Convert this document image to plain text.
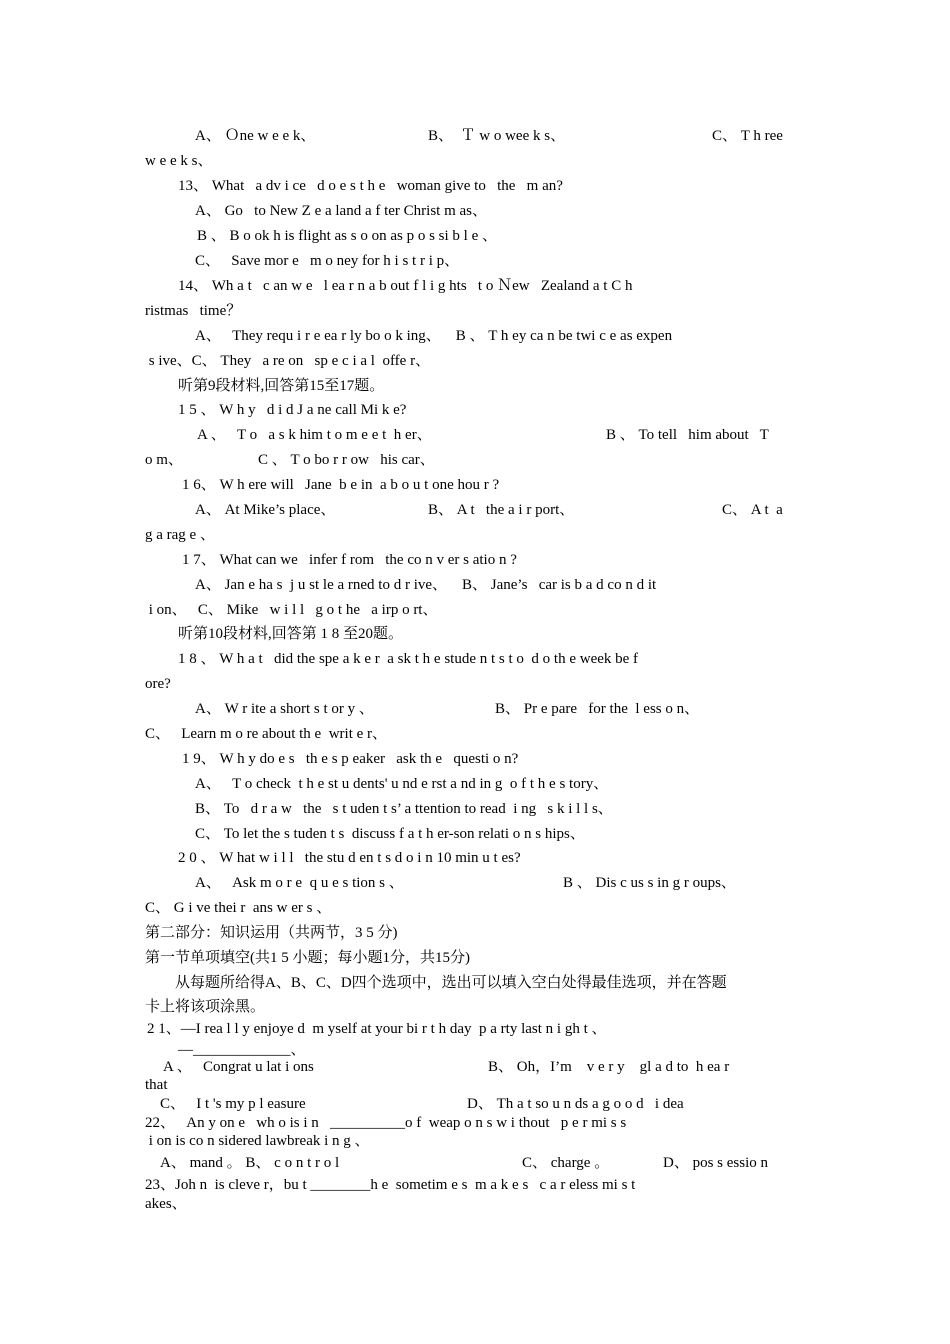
A、 Ｏne w e e k、	B、  Ｔ w o wee k s、	C、 T h ree
w e e k s、
13、 What   a dv i ce   d o e s t h e   woman give to   the   m an?
A、 Go   to New Z e a land a f ter Christ m as、
B 、 B o ok h is flight as s o on as p o s si b l e 、
C、   Save mor e   m o ney for h i s t r i p、
14、 Wh a t   c an w e   l ea r n a b out f l i g hts   t o Ｎew   Zealand a t C h
ristmas   time？
A、   They requ i r e ea r ly bo o k ing、    B 、 T h ey ca n be twi c e as expen
s ive、C、 They   a re on   sp e c i a l  offe r、
听第9段材料,回答第15至17题。
1 5 、 W h y   d i d J a ne call Mi k e?
A 、   T o   a s k him t o m e e t  h er、	B 、 To tell   him about   T
o m、	C 、 T o bo r r ow   his car、
1 6、 W h ere will   Jane  b e in  a b o u t one hou r ?
A、 At Mike’s place、	B、 A t   the a i r port、	C、 A t  a
g a rag e 、
1 7、 What can we   infer f rom   the co n v er s atio n ?
A、 Jan e ha s  j u st le a rned to d r ive、    B、 Jane’s   car is b a d co n d it
i on、   C、 Mike   w i l l   g o t he   a irp o rt、
听第10段材料,回答第 1 8 至20题。
1 8 、 W h a t   did the spe a k e r  a sk t h e stude n t s t o  d o th e week be f
ore?
A、 W r ite a short s t or y 、	B、 Pr e pare   for the  l ess o n、
C、   Learn m o re about th e  writ e r、
1 9、 W h y do e s   th e s p eaker   ask th e   questi o n?
A、   T o check  t h e st u dents' u nd e rst a nd in g  o f t h e s tory、
B、 To   d r a w   the   s t uden t s’ a ttention to read  i ng   s k i l l s、
C、 To let the s tuden t s  discuss f a t h er-son relati o n s hips、
2 0 、 W hat w i l l   the stu d en t s d o i n 10 min u t es?
A、   Ask m o r e  q u e s tion s 、	B 、 Dis c us s in g r oups、
C、 G i ve thei r  ans w er s 、
第二部分：知识运用（共两节，3 5 分)
第一节单项填空(共1 5 小题；每小题1分，共15分)
从每题所给得A、B、C、D四个选项中，选出可以填入空白处得最佳选项，并在答题
卡上将该项涂黑。
2 1、—I rea l l y enjoye d  m yself at your bi r t h day  p a rty last n i gh t 、
—_____________、
A 、   Congrat u lat i ons	B、 Oh，I’m    v e r y    gl a d to  h ea r
that
C、   I t 's my p l easure	D、 Th a t so u n ds a g o o d   i dea
22、   An y on e   wh o is i n   __________o f  weap o n s w i thout   p e r mi s s
i on is co n sidered lawbreak i n g 、
A、 mand 。 B、 c o n t r o l	C、 charge 。	D、 pos s essio n
23、Joh n  is cleve r，bu t ________h e  sometim e s  m a k e s   c a r eless mi s t
akes、
